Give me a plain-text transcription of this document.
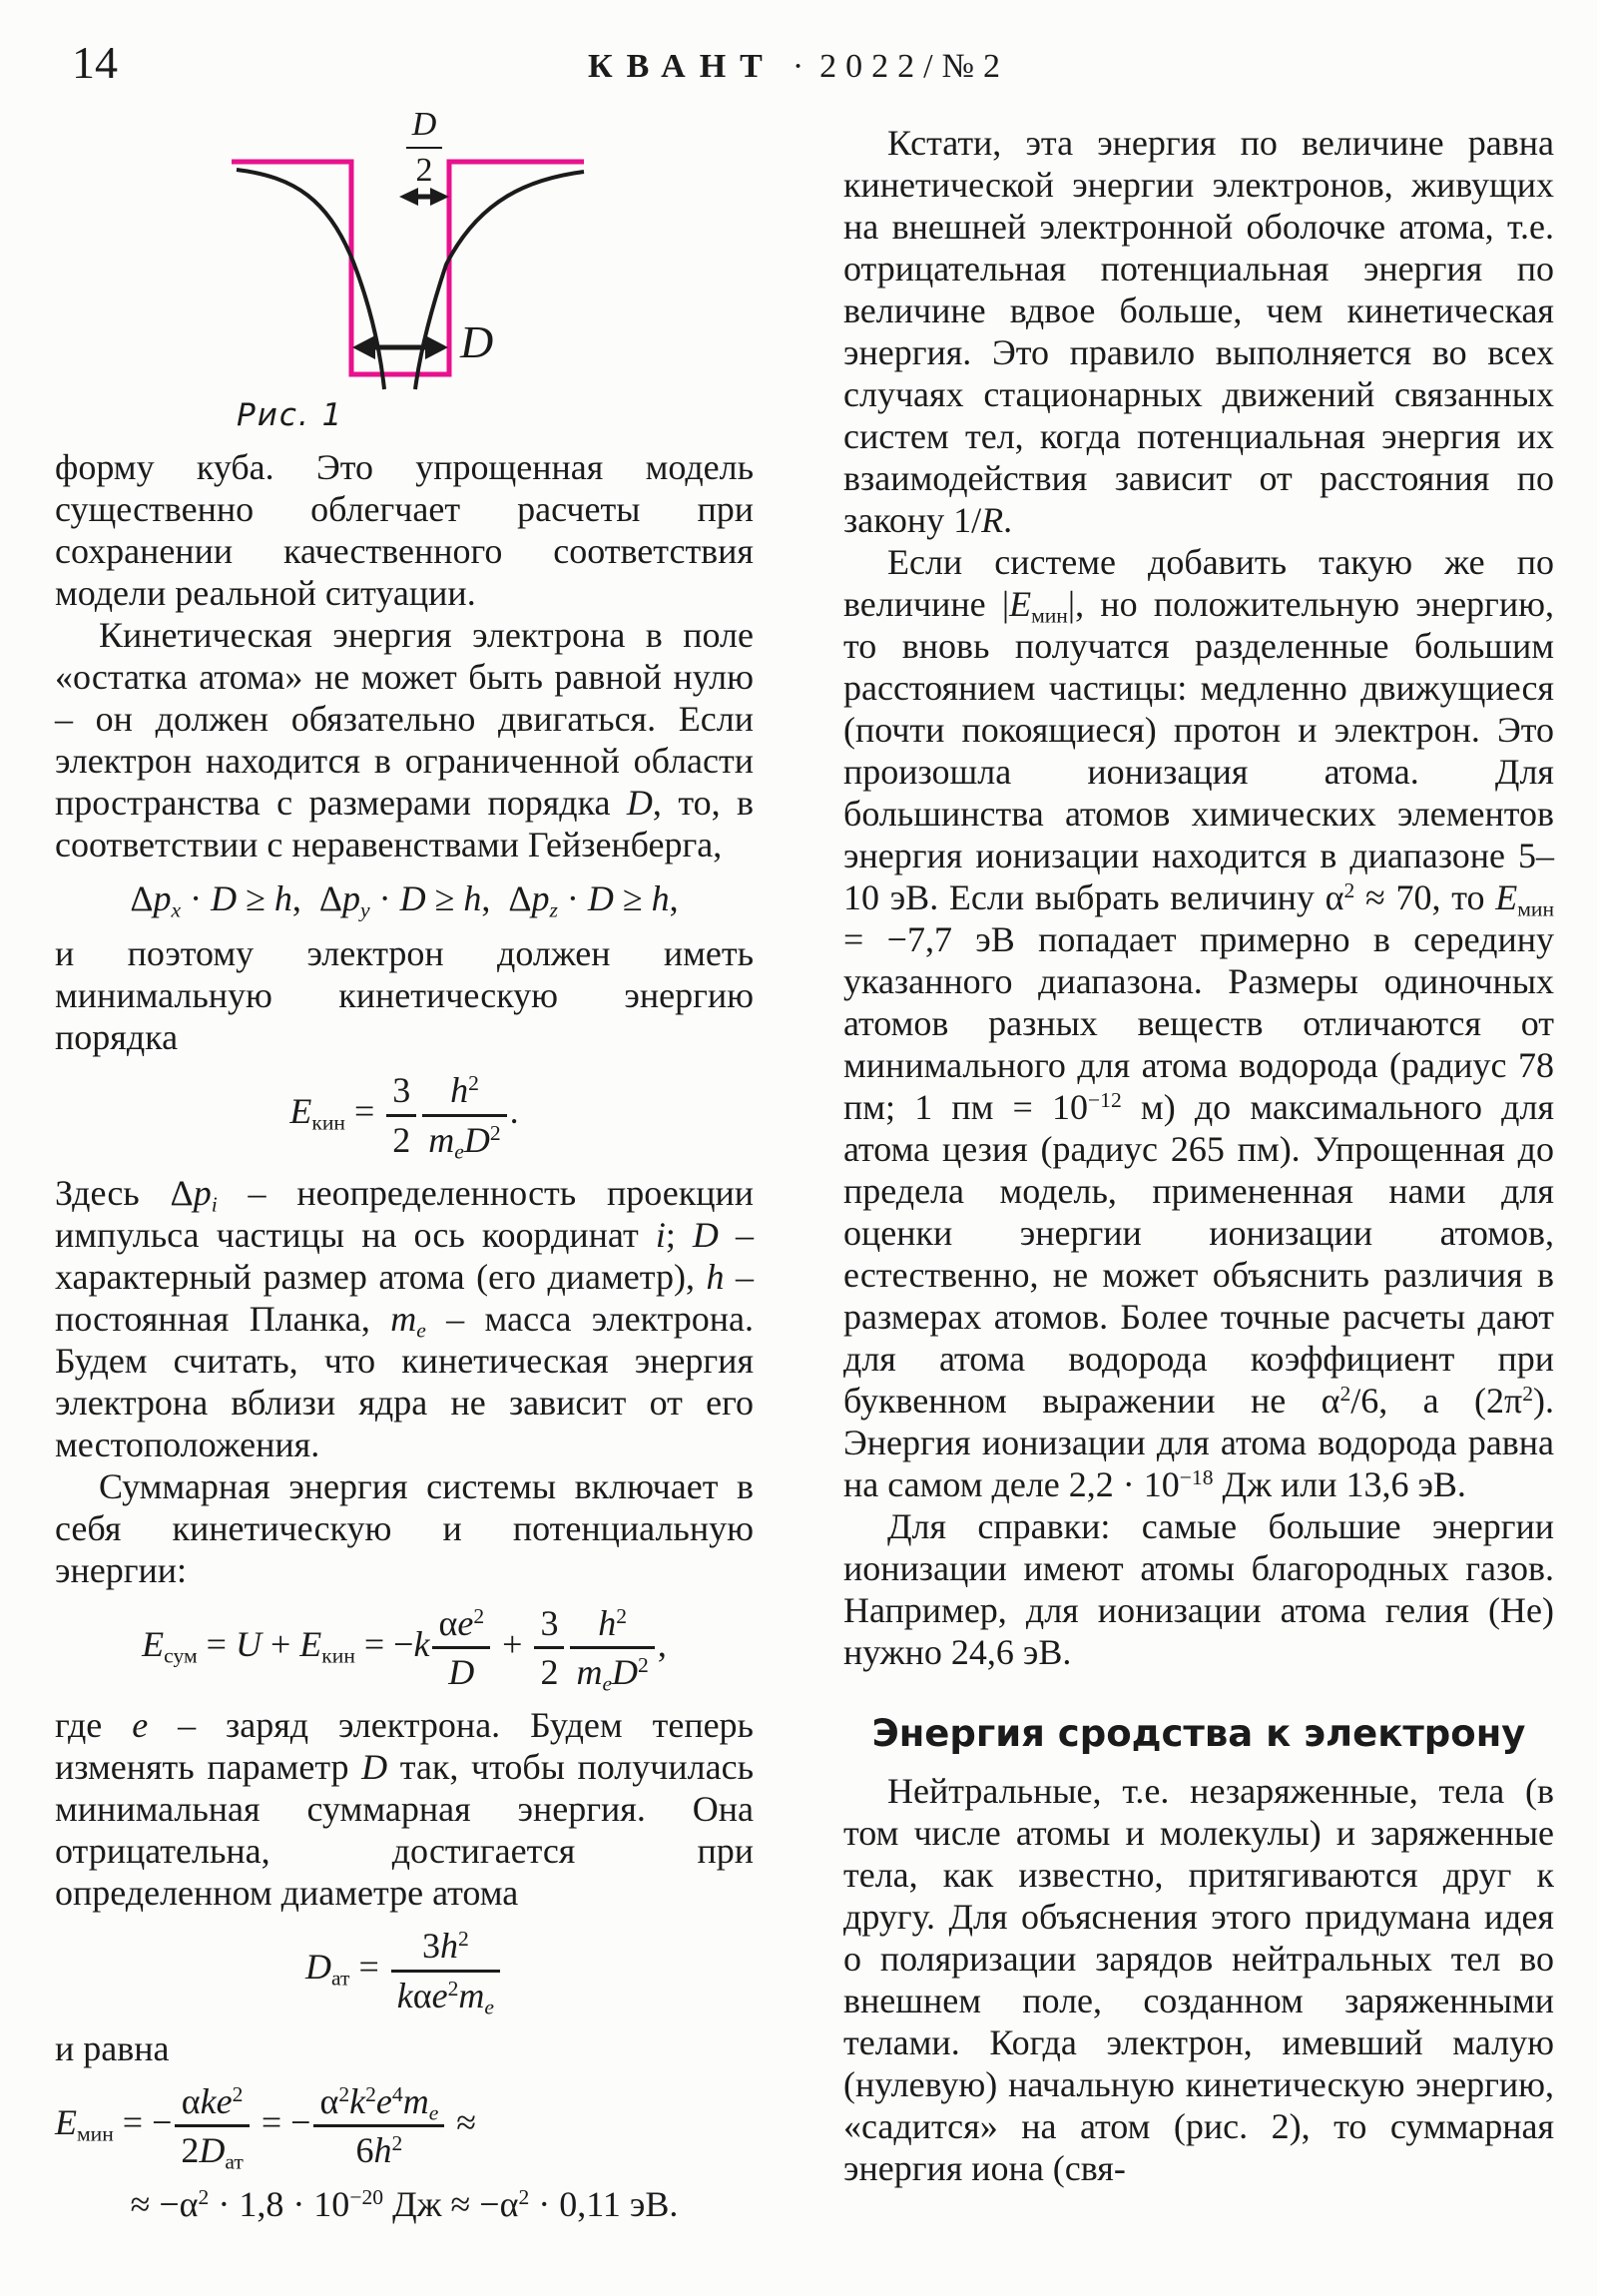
14	КВАНТ · 2022/№2
$\frac{D}{2}$
D
Рис. 1

форму куба. Это упрощенная модель существенно облегчает расчеты при сохранении качественного соответствия модели реальной ситуации.

Кинетическая энергия электрона в поле «остатка атома» не может быть равной нулю – он должен обязательно двигаться. Если электрон находится в ограниченной области пространства с размерами порядка D, то, в соответствии с неравенствами Гейзенберга,

$\Delta p_x \cdot D \ge h$, $\Delta p_y \cdot D \ge h$, $\Delta p_z \cdot D \ge h$,

и поэтому электрон должен иметь минимальную кинетическую энергию порядка

$E_{кин} = \frac{3}{2} \frac{h^2}{m_eD^2}$ .

Здесь $\Delta p_i$ – неопределенность проекции импульса частицы на ось координат i; D – характерный размер атома (его диаметр), h – постоянная Планка, $m_e$ – масса электрона. Будем считать, что кинетическая энергия электрона вблизи ядра не зависит от его местоположения.

Суммарная энергия системы включает в себя кинетическую и потенциальную энергии:

$E_{сум} = U + E_{кин} = -k \frac{\alpha e^2}{D} + \frac{3}{2} \frac{h^2}{m_eD^2}$ ,

где e – заряд электрона. Будем теперь изменять параметр D так, чтобы получилась минимальная суммарная энергия. Она отрицательна, достигается при определенном диаметре атома

$D_{ат} = \frac{3h^2}{k\alpha e^2m_e}$

и равна

$E_{мин}$ = − $\frac{\alpha ke^2}{2D_{ат}}$ = − $\frac{\alpha^2k^2e^4m_e}{6h^2}$ ≈
≈ $-\alpha^2 \cdot 1,8 \cdot 10^{-20}$ Дж ≈ $-\alpha^2 \cdot 0,11$ эВ.

Кстати, эта энергия по величине равна кинетической энергии электронов, живущих на внешней электронной оболочке атома, т.е. отрицательная потенциальная энергия по величине вдвое больше, чем кинетическая энергия. Это правило выполняется во всех случаях стационарных движений связанных систем тел, когда потенциальная энергия их взаимодействия зависит от расстояния по закону 1/R.

Если системе добавить такую же по величине $|E_{мин}|$, но положительную энергию, то вновь получатся разделенные большим расстоянием частицы: медленно движущиеся (почти покоящиеся) протон и электрон. Это произошла ионизация атома. Для большинства атомов химических элементов энергия ионизации находится в диапазоне 5–10 эВ. Если выбрать величину $\alpha^2 \approx 70$, то $E_{мин} = -7,7$ эВ попадает примерно в середину указанного диапазона. Размеры одиночных атомов разных веществ отличаются от минимального для атома водорода (радиус 78 пм; 1 пм = $10^{-12}$ м) до максимального для атома цезия (радиус 265 пм). Упрощенная до предела модель, примененная нами для оценки энергии ионизации атомов, естественно, не может объяснить различия в размерах атомов. Более точные расчеты дают для атома водорода коэффициент при буквенном выражении не $\alpha^2/6$, а $(2\pi^2)$. Энергия ионизации для атома водорода равна на самом деле $2,2 \cdot 10^{-18}$ Дж или 13,6 эВ.

Для справки: самые большие энергии ионизации имеют атомы благородных газов. Например, для ионизации атома гелия (He) нужно 24,6 эВ.

Энергия сродства к электрону

Нейтральные, т.е. незаряженные, тела (в том числе атомы и молекулы) и заряженные тела, как известно, притягиваются друг к другу. Для объяснения этого придумана идея о поляризации зарядов нейтральных тел во внешнем поле, созданном заряженными телами. Когда электрон, имевший малую (нулевую) начальную кинетическую энергию, «садится» на атом (рис. 2), то суммарная энергия иона (свя-
